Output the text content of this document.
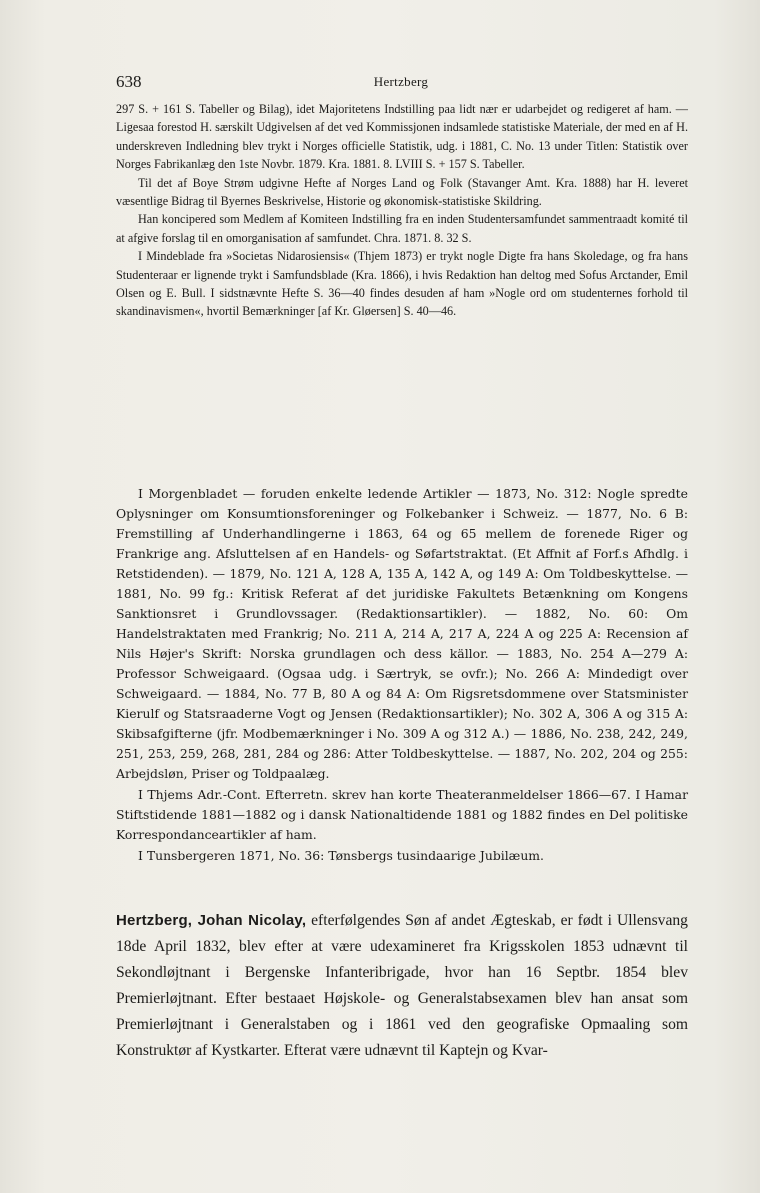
638	Hertzberg

297 S. + 161 S. Tabeller og Bilag), idet Majoritetens Indstilling paa lidt nær er udarbejdet og redigeret af ham. — Ligesaa forestod H. særskilt Udgivelsen af det ved Kommissjonen indsamlede statistiske Materiale, der med en af H. underskreven Indledning blev trykt i Norges officielle Statistik, udg. i 1881, C. No. 13 under Titlen: Statistik over Norges Fabrikanlæg den 1ste Novbr. 1879. Kra. 1881. 8. LVIII S. + 157 S. Tabeller.

Til det af Boye Strøm udgivne Hefte af Norges Land og Folk (Stavanger Amt. Kra. 1888) har H. leveret væsentlige Bidrag til Byernes Beskrivelse, Historie og økonomisk-statistiske Skildring.

Han koncipered som Medlem af Komiteen Indstilling fra en inden Studentersamfundet sammentraadt komité til at afgive forslag til en omorganisation af samfundet. Chra. 1871. 8. 32 S.

I Mindeblade fra »Societas Nidarosiensis« (Thjem 1873) er trykt nogle Digte fra hans Skoledage, og fra hans Studenteraar er lignende trykt i Samfundsblade (Kra. 1866), i hvis Redaktion han deltog med Sofus Arctander, Emil Olsen og E. Bull. I sidstnævnte Hefte S. 36—40 findes desuden af ham »Nogle ord om studenternes forhold til skandinavismen«, hvortil Bemærkninger [af Kr. Gløersen] S. 40—46.

I Morgenbladet — foruden enkelte ledende Artikler — 1873, No. 312: Nogle spredte Oplysninger om Konsumtionsforeninger og Folkebanker i Schweiz. — 1877, No. 6 B: Fremstilling af Underhandlingerne i 1863, 64 og 65 mellem de forenede Riger og Frankrige ang. Afsluttelsen af en Handels- og Søfartstraktat. (Et Affnit af Forf.s Afhdlg. i Retstidenden). — 1879, No. 121 A, 128 A, 135 A, 142 A, og 149 A: Om Toldbeskyttelse. — 1881, No. 99 fg.: Kritisk Referat af det juridiske Fakultets Betænkning om Kongens Sanktionsret i Grundlovssager. (Redaktionsartikler). — 1882, No. 60: Om Handelstraktaten med Frankrig; No. 211 A, 214 A, 217 A, 224 A og 225 A: Recension af Nils Højer's Skrift: Norska grundlagen och dess källor. — 1883, No. 254 A—279 A: Professor Schweigaard. (Ogsaa udg. i Særtryk, se ovfr.); No. 266 A: Mindedigt over Schweigaard. — 1884, No. 77 B, 80 A og 84 A: Om Rigsretsdommene over Statsminister Kierulf og Statsraaderne Vogt og Jensen (Redaktionsartikler); No. 302 A, 306 A og 315 A: Skibsafgifterne (jfr. Modbemærkninger i No. 309 A og 312 A.) — 1886, No. 238, 242, 249, 251, 253, 259, 268, 281, 284 og 286: Atter Toldbeskyttelse. — 1887, No. 202, 204 og 255: Arbejdsløn, Priser og Toldpaalæg.

I Thjems Adr.-Cont. Efterretn. skrev han korte Theateranmeldelser 1866—67. I Hamar Stiftstidende 1881—1882 og i dansk Nationaltidende 1881 og 1882 findes en Del politiske Korrespondanceartikler af ham.

I Tunsbergeren 1871, No. 36: Tønsbergs tusindaarige Jubilæum.

Hertzberg, Johan Nicolay, efterfølgendes Søn af andet Ægteskab, er født i Ullensvang 18de April 1832, blev efter at være udexamineret fra Krigsskolen 1853 udnævnt til Sekondløjtnant i Bergenske Infanteribrigade, hvor han 16 Septbr. 1854 blev Premierløjtnant. Efter bestaaet Højskole- og Generalstabsexamen blev han ansat som Premierløjtnant i Generalstaben og i 1861 ved den geografiske Opmaaling som Konstruktør af Kystkarter. Efterat være udnævnt til Kaptejn og Kvar-
